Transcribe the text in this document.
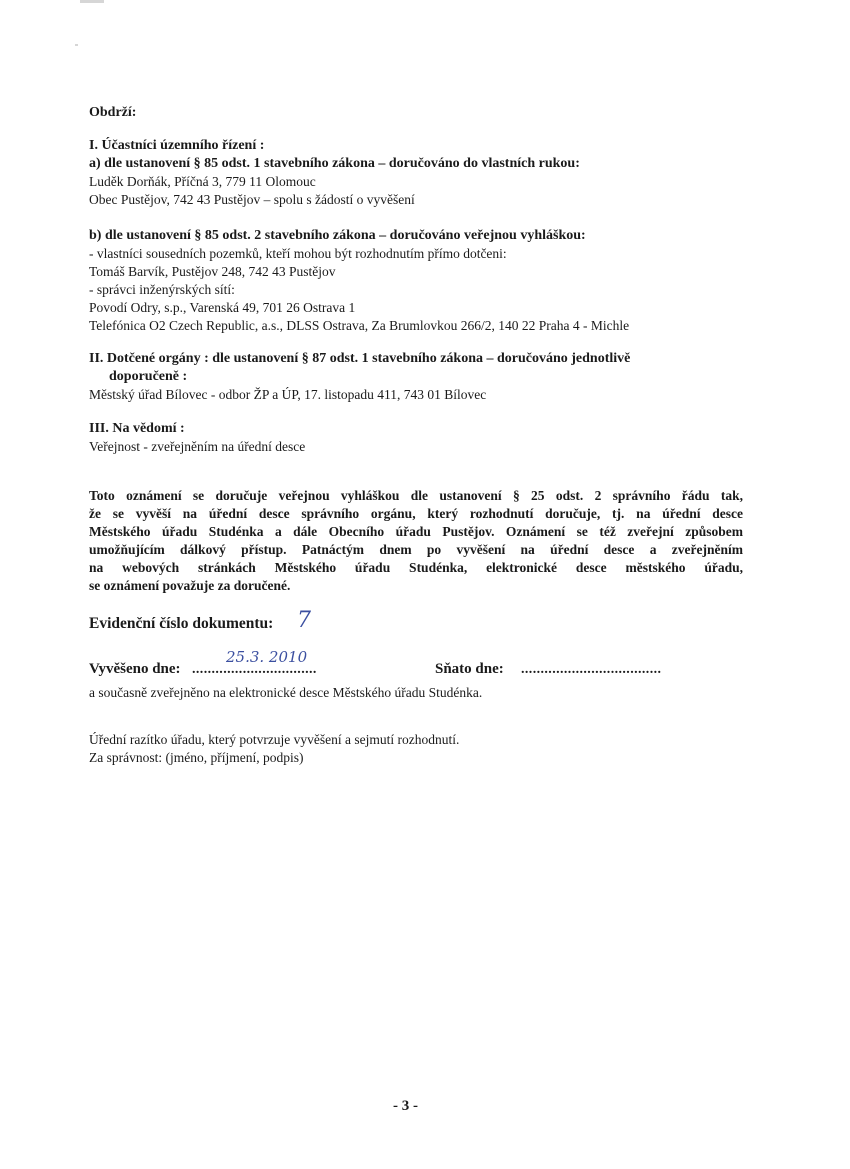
Obdrží:
I. Účastníci územního řízení :
a) dle ustanovení § 85 odst. 1 stavebního zákona – doručováno do vlastních rukou:
Luděk Dorňák, Příčná 3, 779 11 Olomouc
Obec Pustějov, 742 43 Pustějov – spolu s žádostí o vyvěšení
b) dle ustanovení § 85 odst. 2 stavebního zákona – doručováno veřejnou vyhláškou:
- vlastníci sousedních pozemků, kteří mohou být rozhodnutím přímo dotčeni:
Tomáš Barvík, Pustějov 248, 742 43 Pustějov
- správci inženýrských sítí:
Povodí Odry, s.p., Varenská 49, 701 26 Ostrava 1
Telefónica O2 Czech Republic, a.s., DLSS Ostrava, Za Brumlovkou 266/2, 140 22 Praha 4 - Michle
II. Dotčené orgány : dle ustanovení § 87 odst. 1 stavebního zákona – doručováno jednotlivě
doporučeně :
Městský úřad Bílovec - odbor ŽP a ÚP, 17. listopadu 411, 743 01 Bílovec
III. Na vědomí :
Veřejnost - zveřejněním na úřední desce
Toto oznámení se doručuje veřejnou vyhláškou dle ustanovení § 25 odst. 2 správního řádu tak,
že se vyvěší na úřední desce správního orgánu, který rozhodnutí doručuje, tj. na úřední desce
Městského úřadu Studénka a dále Obecního úřadu Pustějov. Oznámení se též zveřejní způsobem
umožňujícím dálkový přístup. Patnáctým dnem po vyvěšení na úřední desce a zveřejněním
na webových stránkách Městského úřadu Studénka, elektronické desce městského úřadu,
se oznámení považuje za doručené.
Evidenční číslo dokumentu: 7
Vyvěšeno dne: ................................
25.3. 2010
Sňato dne: ....................................
a současně zveřejněno na elektronické desce Městského úřadu Studénka.
Úřední razítko úřadu, který potvrzuje vyvěšení a sejmutí rozhodnutí.
Za správnost: (jméno, příjmení, podpis)
- 3 -
